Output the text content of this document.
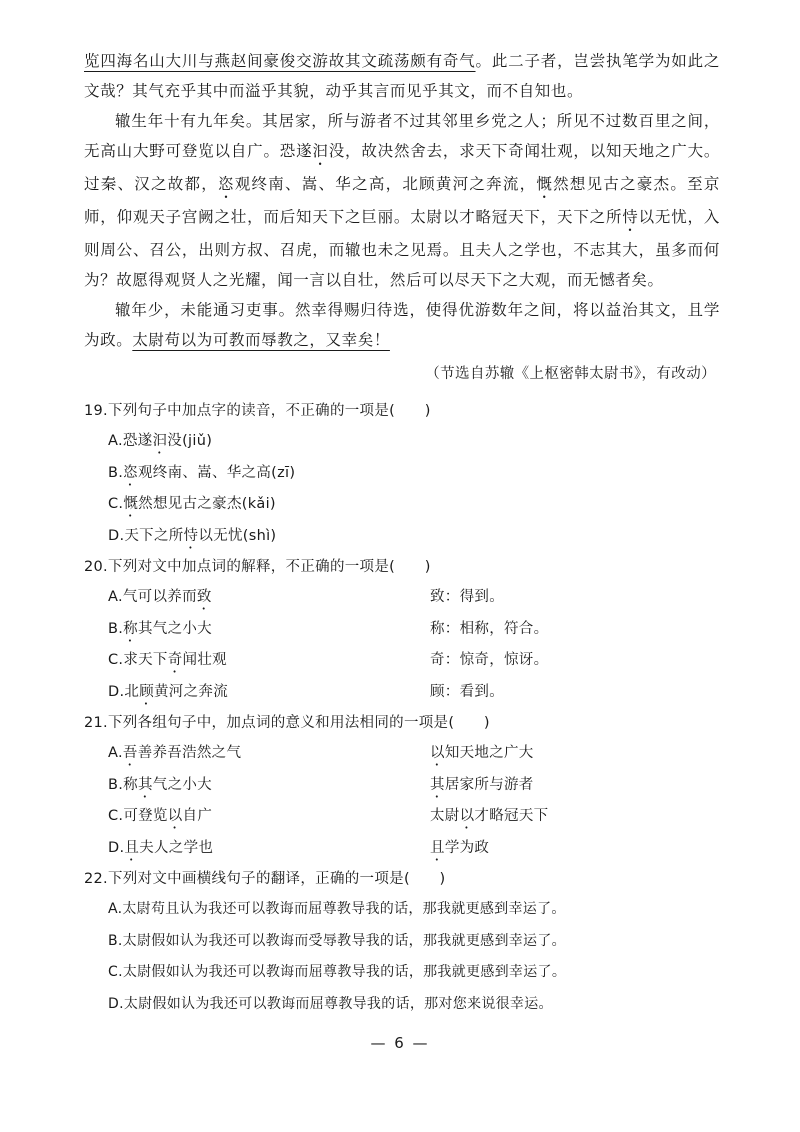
览四海名山大川与燕赵间豪俊交游故其文疏荡颇有奇气。此二子者，岂尝执笔学为如此之文哉？其气充乎其中而溢乎其貌，动乎其言而见乎其文，而不自知也。

辙生年十有九年矣。其居家，所与游者不过其邻里乡党之人；所见不过数百里之间，无高山大野可登览以自广。恐遂汩没，故决然舍去，求天下奇闻壮观，以知天地之广大。过秦、汉之故都，恣观终南、嵩、华之高，北顾黄河之奔流，慨然想见古之豪杰。至京师，仰观天子宫阙之壮，而后知天下之巨丽。太尉以才略冠天下，天下之所恃以无忧，入则周公、召公，出则方叔、召虎，而辙也未之见焉。且夫人之学也，不志其大，虽多而何为？故愿得观贤人之光耀，闻一言以自壮，然后可以尽天下之大观，而无憾者矣。

辙年少，未能通习吏事。然幸得赐归待选，使得优游数年之间，将以益治其文，且学为政。太尉苟以为可教而辱教之，又幸矣！

（节选自苏辙《上枢密韩太尉书》，有改动）
19.下列句子中加点字的读音，不正确的一项是(　　)
A.恐遂 汩 没(jiǔ)
B. 恣 观终南、嵩、华之高(zī)
C. 慨 然想见古之豪杰(kǎi)
D.天下之所 恃 以无忧(shì)
20.下列对文中加点词的解释，不正确的一项是(　　)
A.气可以养而致	致：得到。
B.称其气之小大	称：相称，符合。
C.求天下奇闻壮观	奇：惊奇，惊讶。
D.北顾黄河之奔流	顾：看到。
21.下列各组句子中，加点词的意义和用法相同的一项是(　　)
A.吾善养吾浩然之气	以知天地之广大
B.称其气之小大	其居家所与游者
C.可登览以自广	太尉以才略冠天下
D.且夫人之学也	且学为政
22.下列对文中画横线句子的翻译，正确的一项是(　　)
A.太尉苟且认为我还可以教诲而屈尊教导我的话，那我就更感到幸运了。
B.太尉假如认为我还可以教诲而受辱教导我的话，那我就更感到幸运了。
C.太尉假如认为我还可以教诲而屈尊教导我的话，那我就更感到幸运了。
D.太尉假如认为我还可以教诲而屈尊教导我的话，那对您来说很幸运。
— 6 —
